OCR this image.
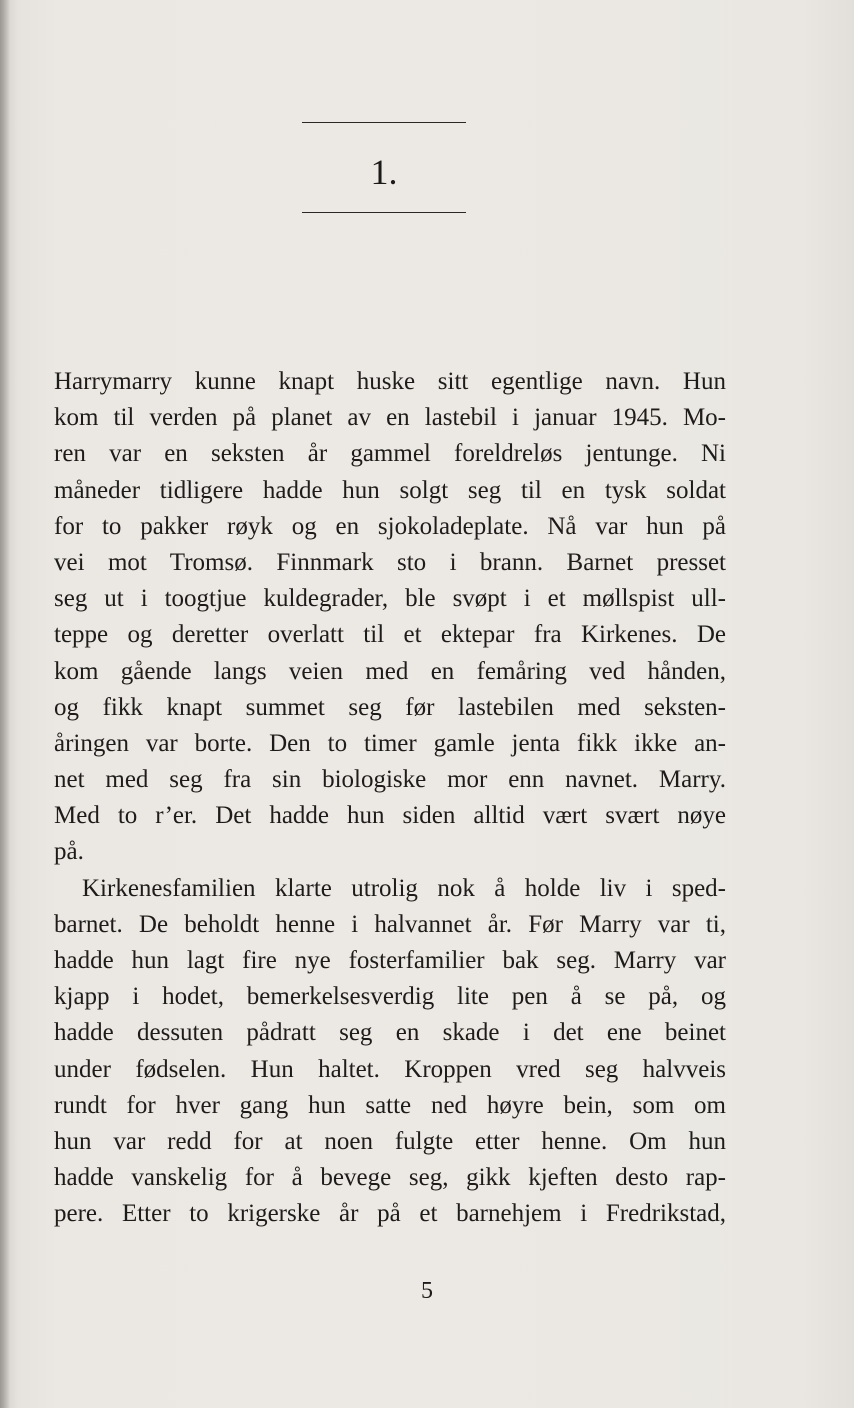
1.
Harrymarry kunne knapt huske sitt egentlige navn. Hun
kom til verden på planet av en lastebil i januar 1945. Mo-
ren var en seksten år gammel foreldreløs jentunge. Ni
måneder tidligere hadde hun solgt seg til en tysk soldat
for to pakker røyk og en sjokoladeplate. Nå var hun på
vei mot Tromsø. Finnmark sto i brann. Barnet presset
seg ut i toogtjue kuldegrader, ble svøpt i et møllspist ull-
teppe og deretter overlatt til et ektepar fra Kirkenes. De
kom gående langs veien med en femåring ved hånden,
og fikk knapt summet seg før lastebilen med seksten-
åringen var borte. Den to timer gamle jenta fikk ikke an-
net med seg fra sin biologiske mor enn navnet. Marry.
Med to r’er. Det hadde hun siden alltid vært svært nøye
på.
Kirkenesfamilien klarte utrolig nok å holde liv i sped-
barnet. De beholdt henne i halvannet år. Før Marry var ti,
hadde hun lagt fire nye fosterfamilier bak seg. Marry var
kjapp i hodet, bemerkelsesverdig lite pen å se på, og
hadde dessuten pådratt seg en skade i det ene beinet
under fødselen. Hun haltet. Kroppen vred seg halvveis
rundt for hver gang hun satte ned høyre bein, som om
hun var redd for at noen fulgte etter henne. Om hun
hadde vanskelig for å bevege seg, gikk kjeften desto rap-
pere. Etter to krigerske år på et barnehjem i Fredrikstad,
5
